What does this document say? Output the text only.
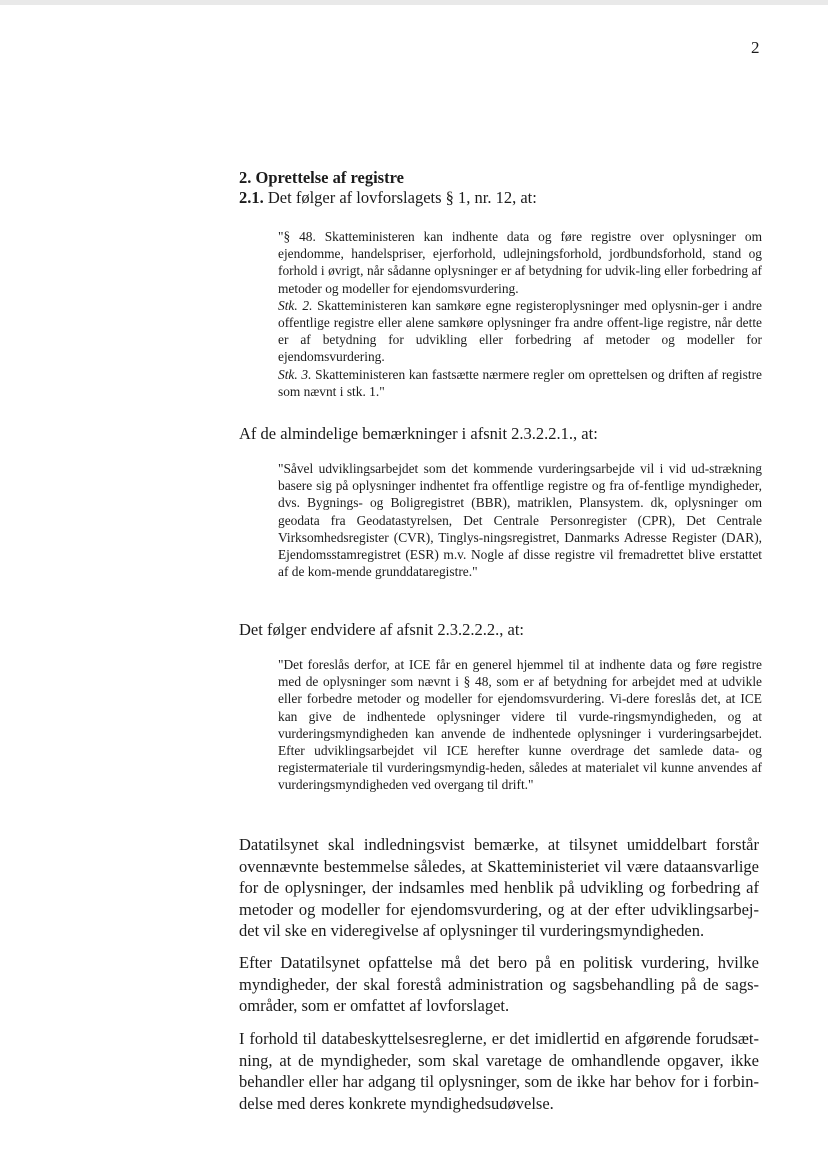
2
2. Oprettelse af registre
2.1. Det følger af lovforslagets § 1, nr. 12, at:

"§ 48. Skatteministeren kan indhente data og føre registre over oplysninger om ejendomme, handelspriser, ejerforhold, udlejningsforhold, jordbundsforhold, stand og forhold i øvrigt, når sådanne oplysninger er af betydning for udvik-ling eller forbedring af metoder og modeller for ejendomsvurdering.

Stk. 2. Skatteministeren kan samkøre egne registeroplysninger med oplysnin-ger i andre offentlige registre eller alene samkøre oplysninger fra andre offent-lige registre, når dette er af betydning for udvikling eller forbedring af metoder og modeller for ejendomsvurdering.

Stk. 3. Skatteministeren kan fastsætte nærmere regler om oprettelsen og driften af registre som nævnt i stk. 1."

Af de almindelige bemærkninger i afsnit 2.3.2.2.1., at:

"Såvel udviklingsarbejdet som det kommende vurderingsarbejde vil i vid ud-strækning basere sig på oplysninger indhentet fra offentlige registre og fra of-fentlige myndigheder, dvs. Bygnings- og Boligregistret (BBR), matriklen, Plansystem. dk, oplysninger om geodata fra Geodatastyrelsen, Det Centrale Personregister (CPR), Det Centrale Virksomhedsregister (CVR), Tinglys-ningsregistret, Danmarks Adresse Register (DAR), Ejendomsstamregistret (ESR) m.v. Nogle af disse registre vil fremadrettet blive erstattet af de kom-mende grunddataregistre."

Det følger endvidere af afsnit 2.3.2.2.2., at:

"Det foreslås derfor, at ICE får en generel hjemmel til at indhente data og føre registre med de oplysninger som nævnt i § 48, som er af betydning for arbejdet med at udvikle eller forbedre metoder og modeller for ejendomsvurdering. Vi-dere foreslås det, at ICE kan give de indhentede oplysninger videre til vurde-ringsmyndigheden, og at vurderingsmyndigheden kan anvende de indhentede oplysninger i vurderingsarbejdet. Efter udviklingsarbejdet vil ICE herefter kunne overdrage det samlede data- og registermateriale til vurderingsmyndig-heden, således at materialet vil kunne anvendes af vurderingsmyndigheden ved overgang til drift."

Datatilsynet skal indledningsvist bemærke, at tilsynet umiddelbart forstår ovennævnte bestemmelse således, at Skatteministeriet vil være dataansvarlige for de oplysninger, der indsamles med henblik på udvikling og forbedring af metoder og modeller for ejendomsvurdering, og at der efter udviklingsarbej-det vil ske en videregivelse af oplysninger til vurderingsmyndigheden.

Efter Datatilsynet opfattelse må det bero på en politisk vurdering, hvilke myndigheder, der skal forestå administration og sagsbehandling på de sags-områder, som er omfattet af lovforslaget.

I forhold til databeskyttelsesreglerne, er det imidlertid en afgørende forudsæt-ning, at de myndigheder, som skal varetage de omhandlende opgaver, ikke behandler eller har adgang til oplysninger, som de ikke har behov for i forbin-delse med deres konkrete myndighedsudøvelse.
